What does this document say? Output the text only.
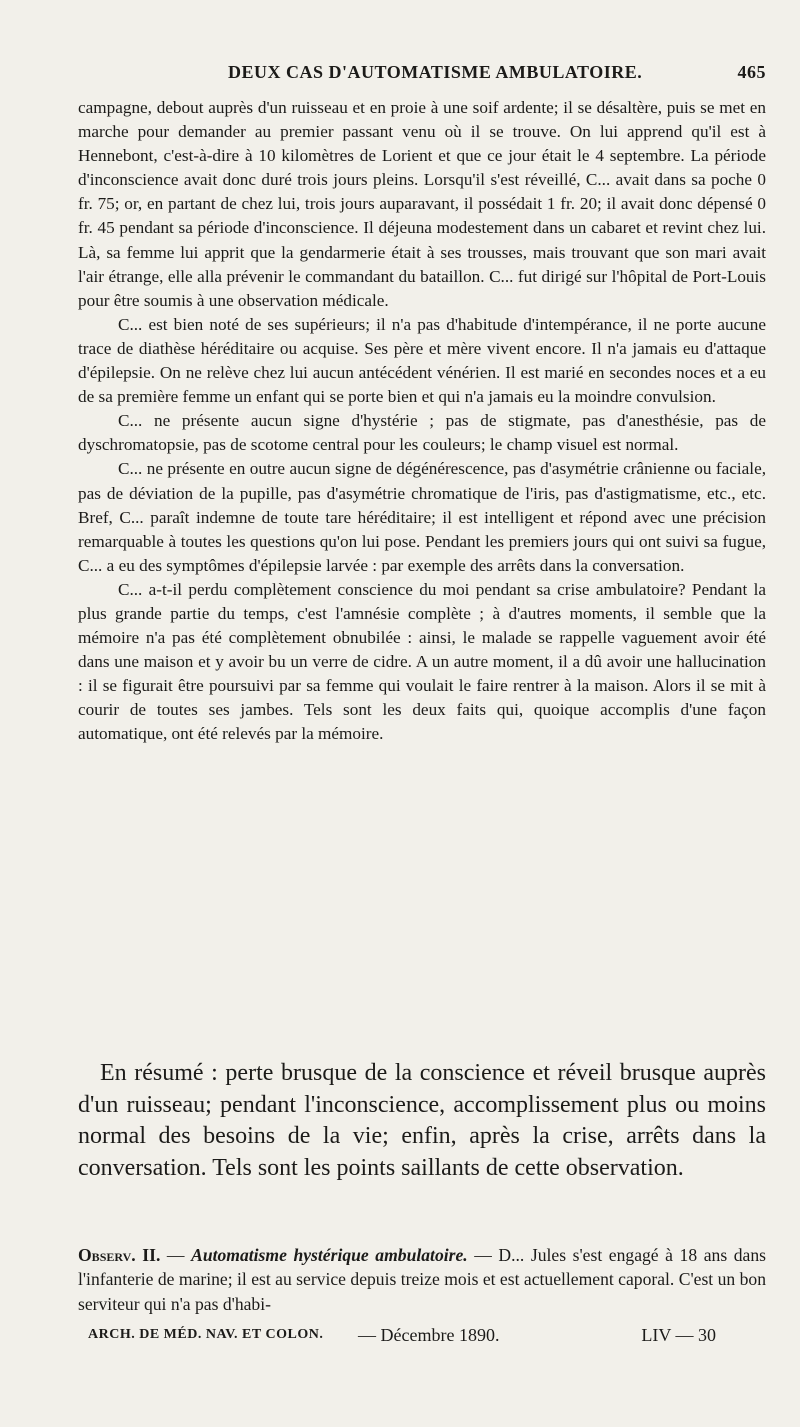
DEUX CAS D'AUTOMATISME AMBULATOIRE.	465

campagne, debout auprès d'un ruisseau et en proie à une soif ardente; il se désaltère, puis se met en marche pour demander au premier passant venu où il se trouve. On lui apprend qu'il est à Hennebont, c'est-à-dire à 10 kilomètres de Lorient et que ce jour était le 4 septembre. La période d'inconscience avait donc duré trois jours pleins. Lorsqu'il s'est réveillé, C... avait dans sa poche 0 fr. 75; or, en partant de chez lui, trois jours auparavant, il possédait 1 fr. 20; il avait donc dépensé 0 fr. 45 pendant sa période d'inconscience. Il déjeuna modestement dans un cabaret et revint chez lui. Là, sa femme lui apprit que la gendarmerie était à ses trousses, mais trouvant que son mari avait l'air étrange, elle alla prévenir le commandant du bataillon. C... fut dirigé sur l'hôpital de Port-Louis pour être soumis à une observation médicale.

C... est bien noté de ses supérieurs; il n'a pas d'habitude d'intempérance, il ne porte aucune trace de diathèse héréditaire ou acquise. Ses père et mère vivent encore. Il n'a jamais eu d'attaque d'épilepsie. On ne relève chez lui aucun antécédent vénérien. Il est marié en secondes noces et a eu de sa première femme un enfant qui se porte bien et qui n'a jamais eu la moindre convulsion.

C... ne présente aucun signe d'hystérie ; pas de stigmate, pas d'anesthésie, pas de dyschromatopsie, pas de scotome central pour les couleurs; le champ visuel est normal.

C... ne présente en outre aucun signe de dégénérescence, pas d'asymétrie crânienne ou faciale, pas de déviation de la pupille, pas d'asymétrie chromatique de l'iris, pas d'astigmatisme, etc., etc. Bref, C... paraît indemne de toute tare héréditaire; il est intelligent et répond avec une précision remarquable à toutes les questions qu'on lui pose. Pendant les premiers jours qui ont suivi sa fugue, C... a eu des symptômes d'épilepsie larvée : par exemple des arrêts dans la conversation.

C... a-t-il perdu complètement conscience du moi pendant sa crise ambulatoire? Pendant la plus grande partie du temps, c'est l'amnésie complète ; à d'autres moments, il semble que la mémoire n'a pas été complètement obnubilée : ainsi, le malade se rappelle vaguement avoir été dans une maison et y avoir bu un verre de cidre. A un autre moment, il a dû avoir une hallucination : il se figurait être poursuivi par sa femme qui voulait le faire rentrer à la maison. Alors il se mit à courir de toutes ses jambes. Tels sont les deux faits qui, quoique accomplis d'une façon automatique, ont été relevés par la mémoire.

En résumé : perte brusque de la conscience et réveil brusque auprès d'un ruisseau; pendant l'inconscience, accomplissement plus ou moins normal des besoins de la vie; enfin, après la crise, arrêts dans la conversation. Tels sont les points saillants de cette observation.

Observ. II. — Automatisme hystérique ambulatoire. — D... Jules s'est engagé à 18 ans dans l'infanterie de marine; il est au service depuis treize mois et est actuellement caporal. C'est un bon serviteur qui n'a pas d'habi-

ARCH. DE MÉD. NAV. ET COLON. — Décembre 1890.	LIV — 30
